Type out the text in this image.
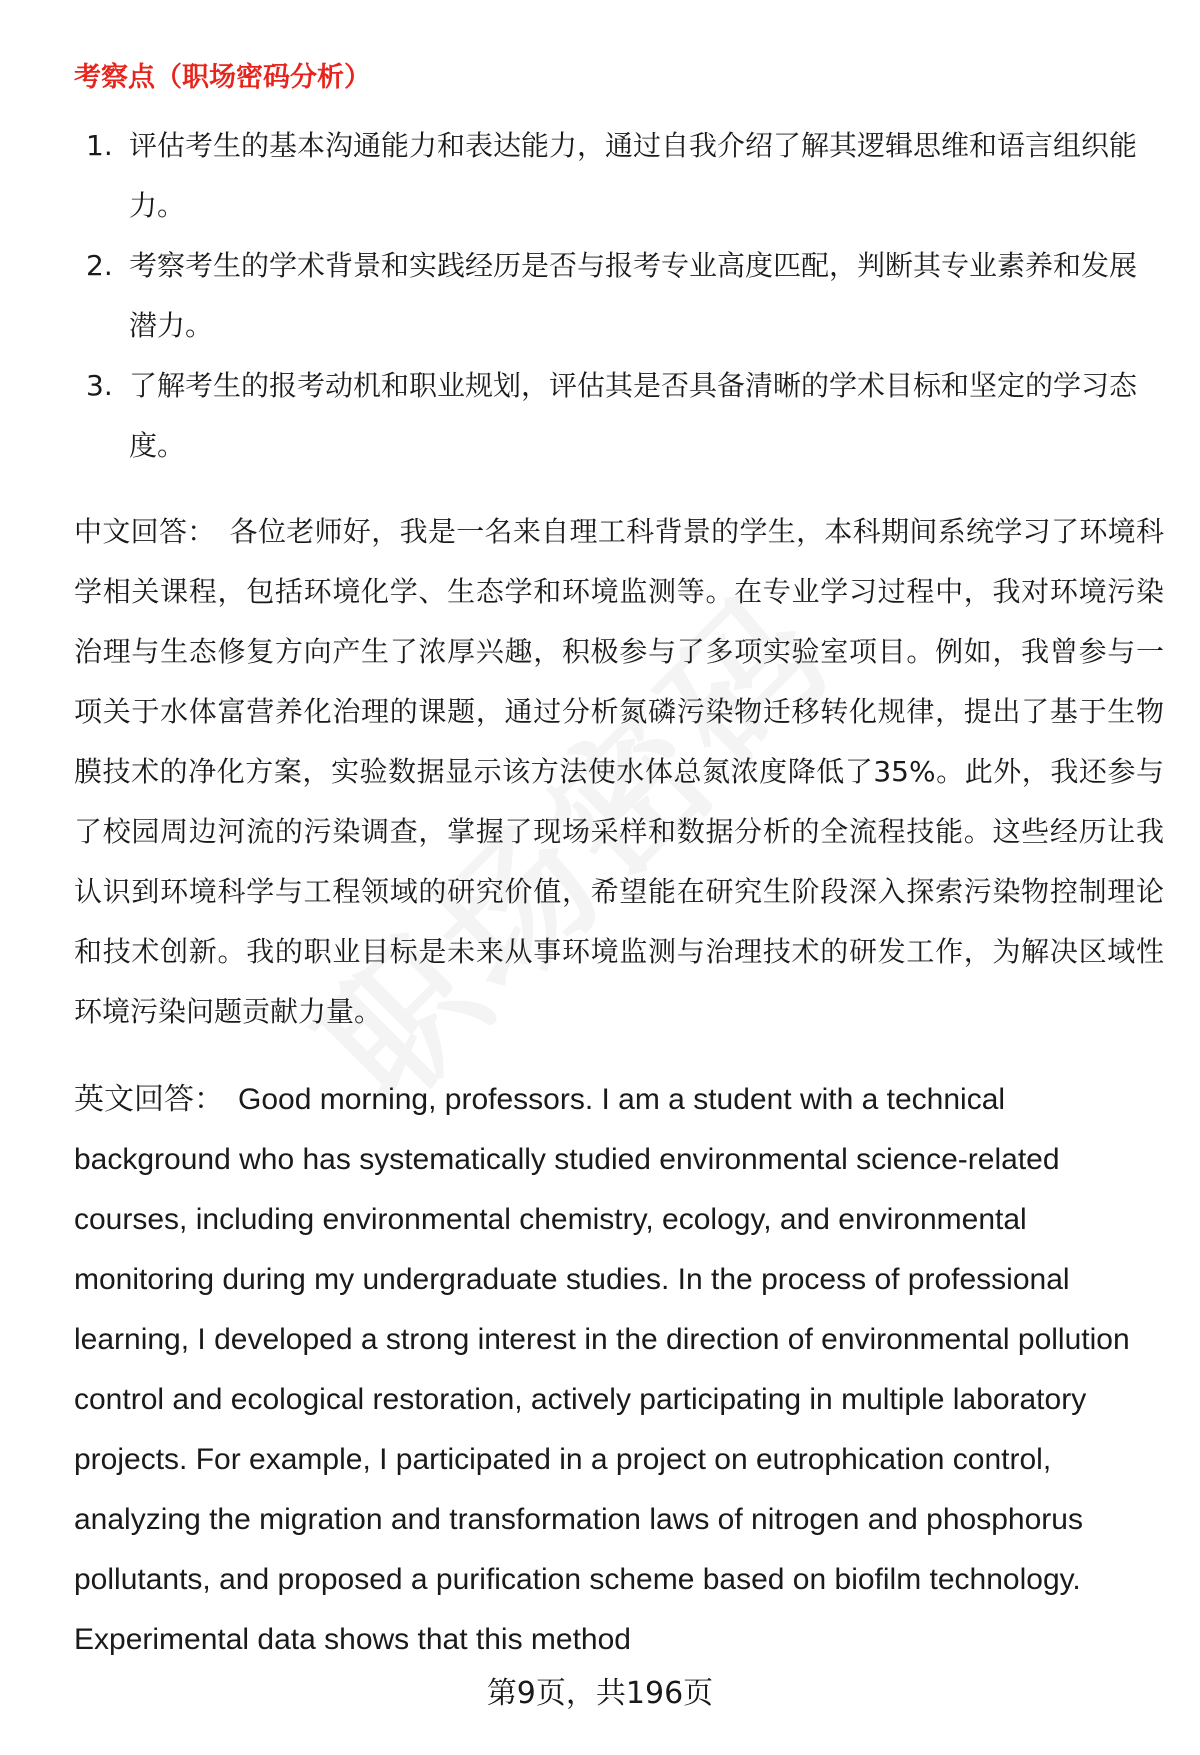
考察点（职场密码分析）
1. 评估考生的基本沟通能力和表达能力，通过自我介绍了解其逻辑思维和语言组织能力。
2. 考察考生的学术背景和实践经历是否与报考专业高度匹配，判断其专业素养和发展潜力。
3. 了解考生的报考动机和职业规划，评估其是否具备清晰的学术目标和坚定的学习态度。

中文回答： 各位老师好，我是一名来自理工科背景的学生，本科期间系统学习了环境科学相关课程，包括环境化学、生态学和环境监测等。在专业学习过程中，我对环境污染治理与生态修复方向产生了浓厚兴趣，积极参与了多项实验室项目。例如，我曾参与一项关于水体富营养化治理的课题，通过分析氮磷污染物迁移转化规律，提出了基于生物膜技术的净化方案，实验数据显示该方法使水体总氮浓度降低了35%。此外，我还参与了校园周边河流的污染调查，掌握了现场采样和数据分析的全流程技能。这些经历让我认识到环境科学与工程领域的研究价值，希望能在研究生阶段深入探索污染物控制理论和技术创新。我的职业目标是未来从事环境监测与治理技术的研发工作，为解决区域性环境污染问题贡献力量。

英文回答： Good morning, professors. I am a student with a technical background who has systematically studied environmental science-related courses, including environmental chemistry, ecology, and environmental monitoring during my undergraduate studies. In the process of professional learning, I developed a strong interest in the direction of environmental pollution control and ecological restoration, actively participating in multiple laboratory projects. For example, I participated in a project on eutrophication control, analyzing the migration and transformation laws of nitrogen and phosphorus pollutants, and proposed a purification scheme based on biofilm technology. Experimental data shows that this method

第9页，共196页
